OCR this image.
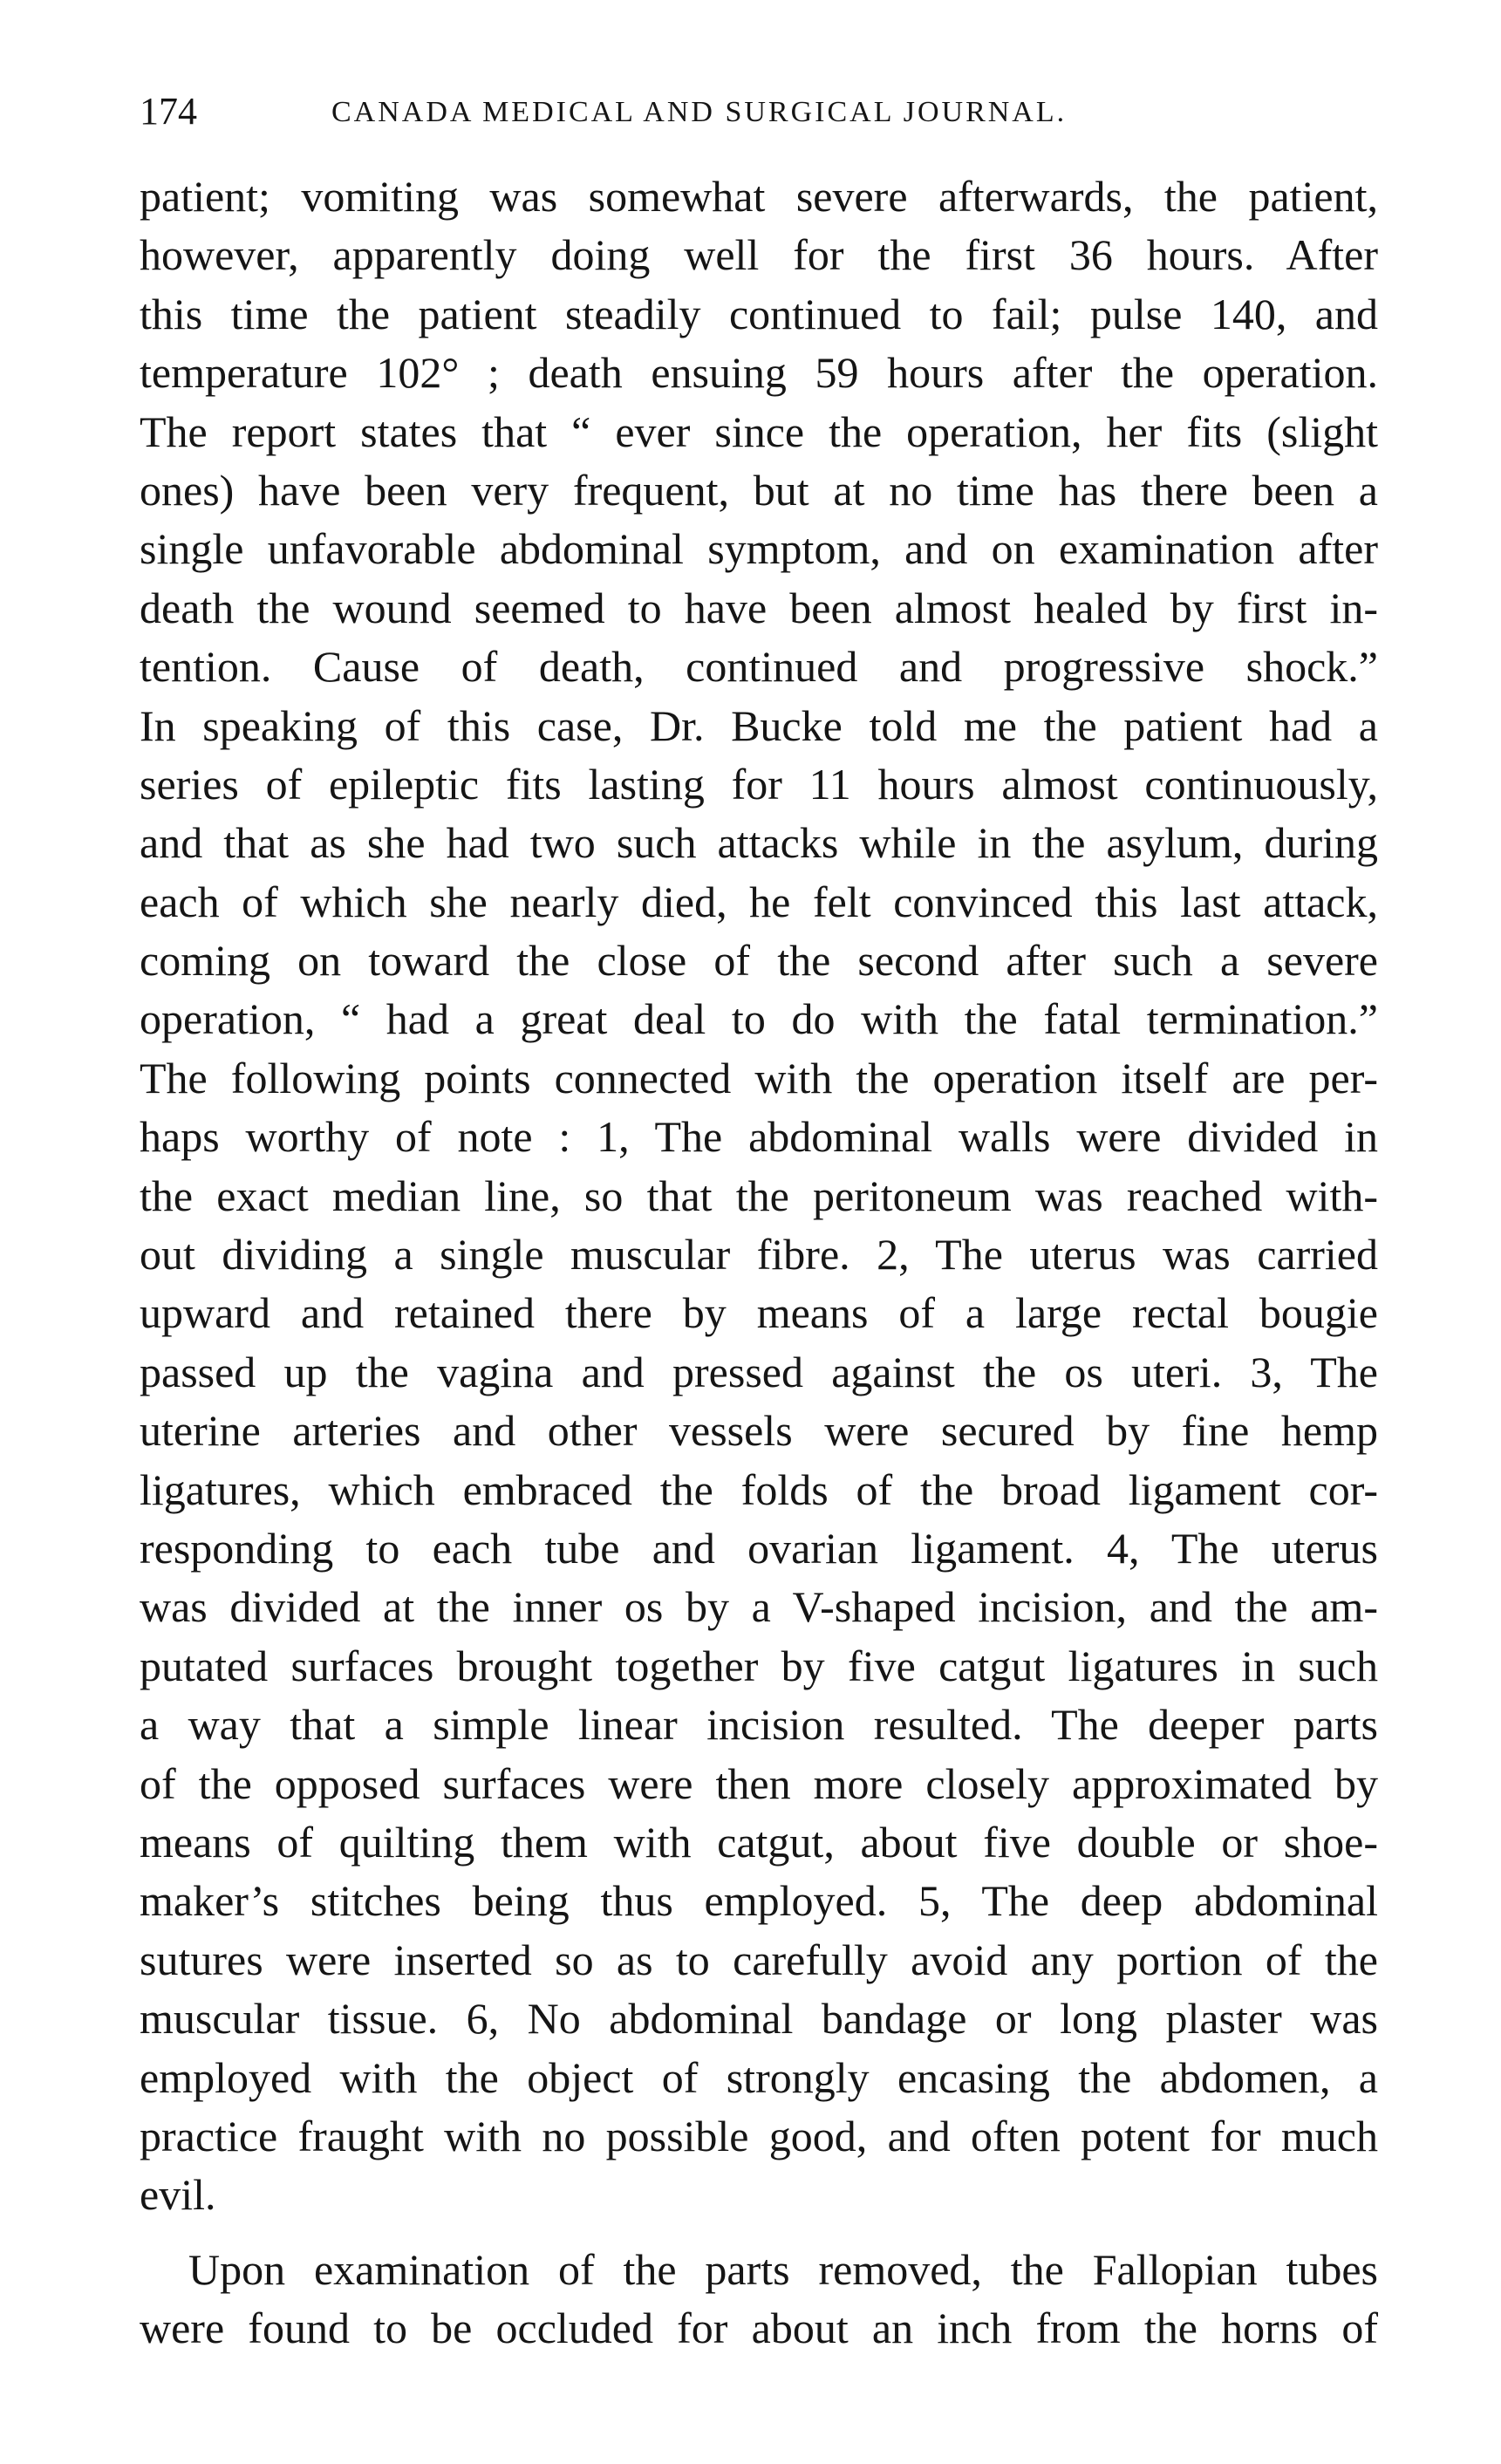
174	CANADA MEDICAL AND SURGICAL JOURNAL.
patient; vomiting was somewhat severe afterwards, the patient,
however, apparently doing well for the first 36 hours. After
this time the patient steadily continued to fail; pulse 140, and
temperature 102° ; death ensuing 59 hours after the operation.
The report states that “ ever since the operation, her fits (slight
ones) have been very frequent, but at no time has there been a
single unfavorable abdominal symptom, and on examination after
death the wound seemed to have been almost healed by first in-
tention. Cause of death, continued and progressive shock.”
In speaking of this case, Dr. Bucke told me the patient had a
series of epileptic fits lasting for 11 hours almost continuously,
and that as she had two such attacks while in the asylum, during
each of which she nearly died, he felt convinced this last attack,
coming on toward the close of the second after such a severe
operation, “ had a great deal to do with the fatal termination.”
The following points connected with the operation itself are per-
haps worthy of note : 1, The abdominal walls were divided in
the exact median line, so that the peritoneum was reached with-
out dividing a single muscular fibre. 2, The uterus was carried
upward and retained there by means of a large rectal bougie
passed up the vagina and pressed against the os uteri. 3, The
uterine arteries and other vessels were secured by fine hemp
ligatures, which embraced the folds of the broad ligament cor-
responding to each tube and ovarian ligament. 4, The uterus
was divided at the inner os by a V-shaped incision, and the am-
putated surfaces brought together by five catgut ligatures in such
a way that a simple linear incision resulted. The deeper parts
of the opposed surfaces were then more closely approximated by
means of quilting them with catgut, about five double or shoe-
maker’s stitches being thus employed. 5, The deep abdominal
sutures were inserted so as to carefully avoid any portion of the
muscular tissue. 6, No abdominal bandage or long plaster was
employed with the object of strongly encasing the abdomen, a
practice fraught with no possible good, and often potent for much
evil.
Upon examination of the parts removed, the Fallopian tubes
were found to be occluded for about an inch from the horns of
